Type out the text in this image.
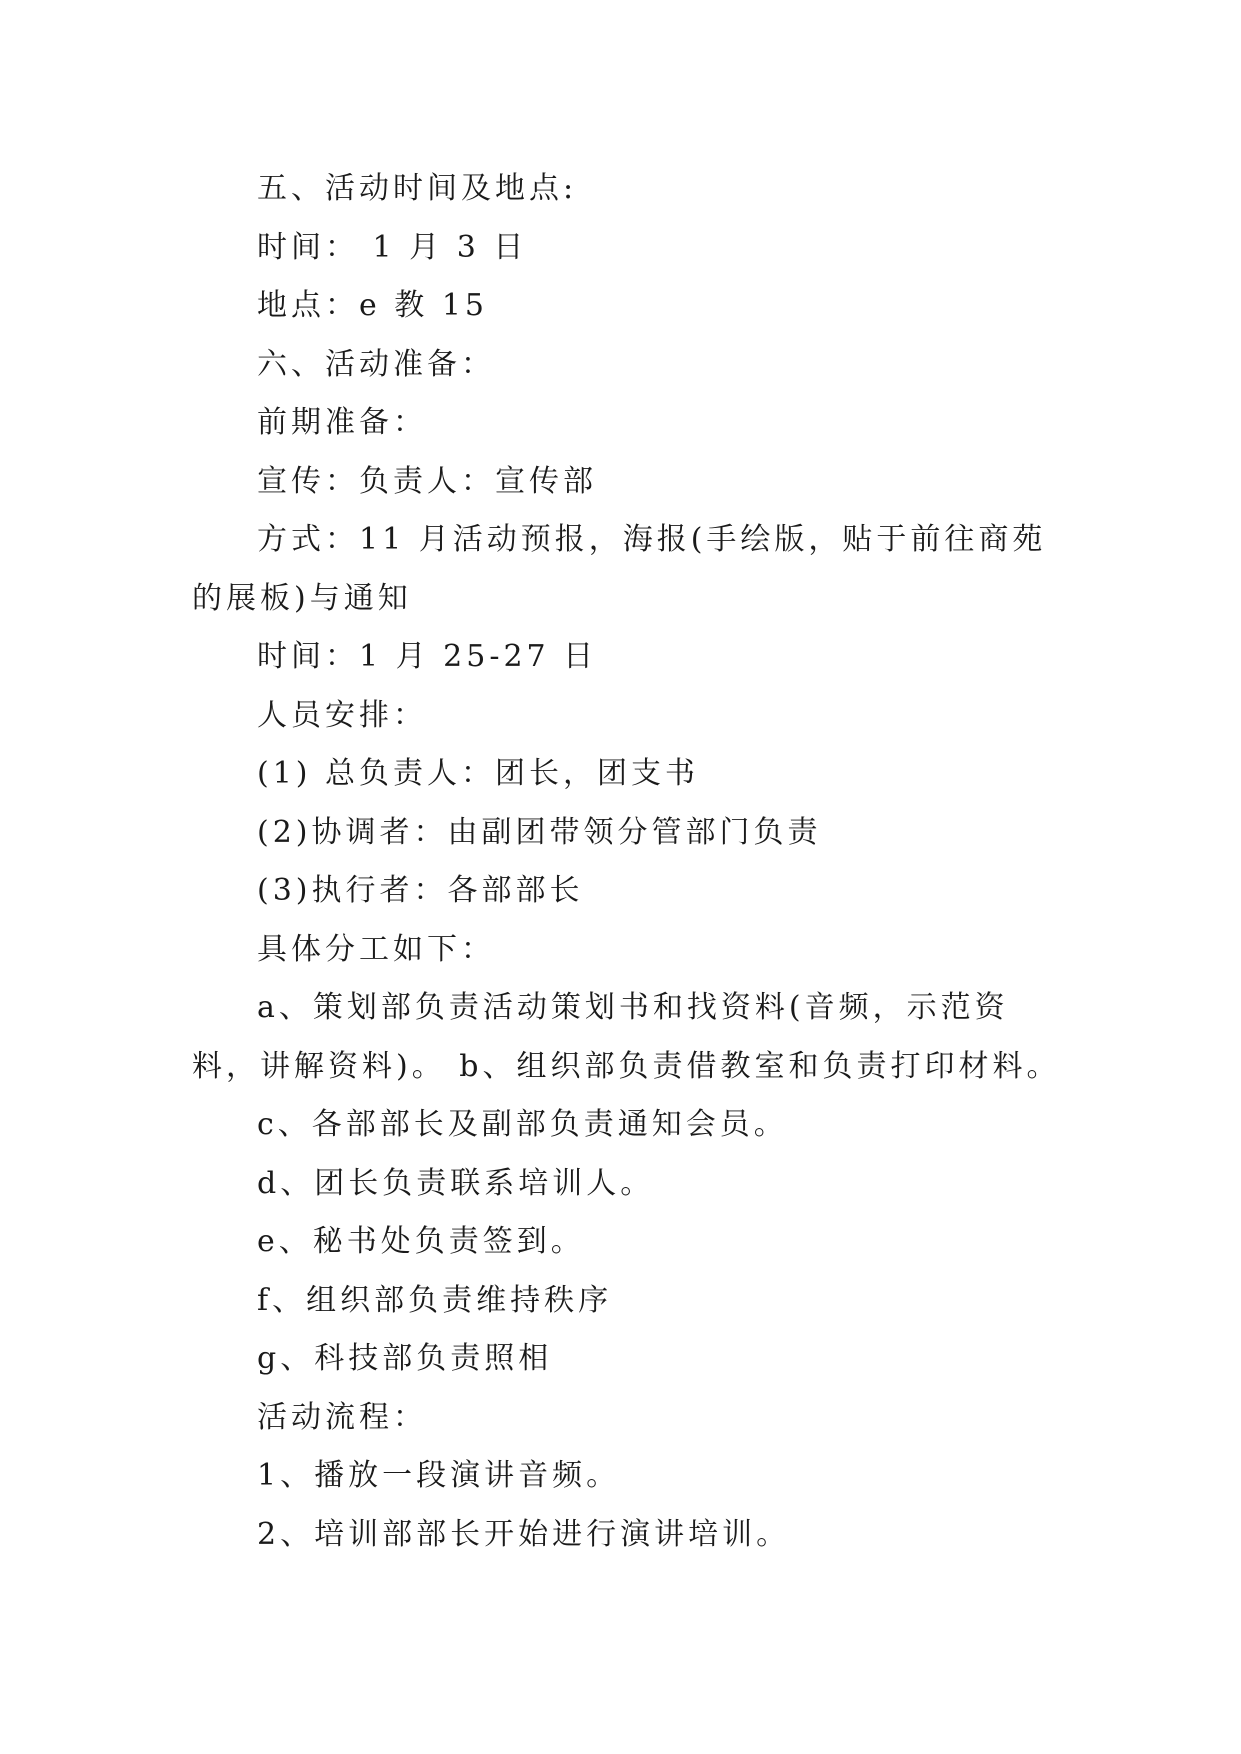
五、活动时间及地点:

时间： 1 月 3 日

地点：e 教 15

六、活动准备：

前期准备：

宣传：负责人：宣传部

方式：11 月活动预报，海报(手绘版，贴于前往商苑的展板)与通知

时间：1 月 25-27 日

人员安排：

(1) 总负责人：团长，团支书

(2)协调者：由副团带领分管部门负责

(3)执行者：各部部长

具体分工如下：

a、策划部负责活动策划书和找资料(音频，示范资料，讲解资料)。 b、组织部负责借教室和负责打印材料。

c、各部部长及副部负责通知会员。

d、团长负责联系培训人。

e、秘书处负责签到。

f、组织部负责维持秩序

g、科技部负责照相

活动流程：

1、播放一段演讲音频。

2、培训部部长开始进行演讲培训。
